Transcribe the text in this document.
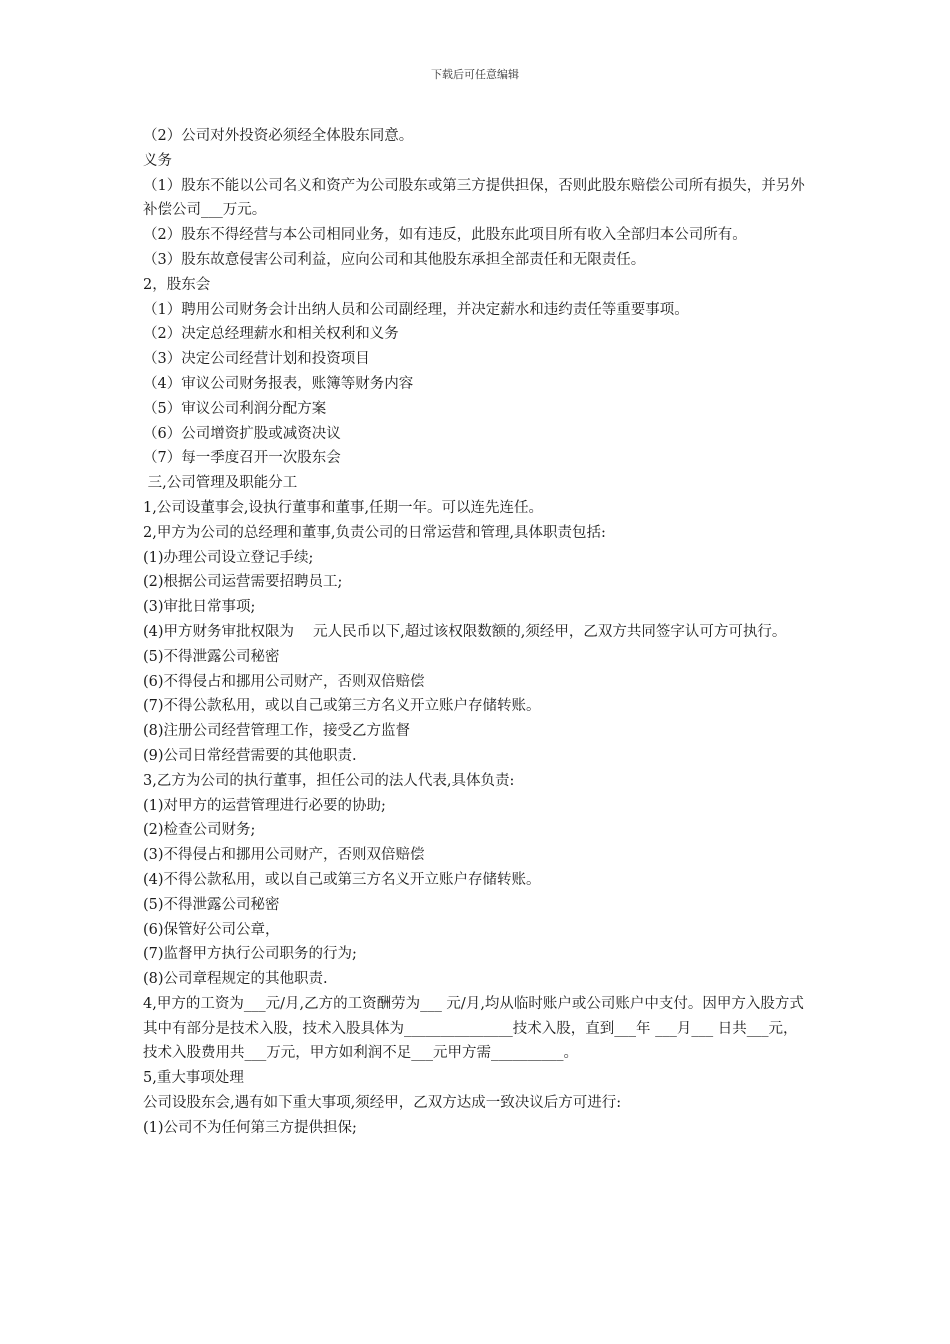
下载后可任意编辑
（2）公司对外投资必须经全体股东同意。
义务
（1）股东不能以公司名义和资产为公司股东或第三方提供担保，否则此股东赔偿公司所有损失，并另外补偿公司___万元。
（2）股东不得经营与本公司相同业务，如有违反，此股东此项目所有收入全部归本公司所有。
（3）股东故意侵害公司利益，应向公司和其他股东承担全部责任和无限责任。
2，股东会
（1）聘用公司财务会计出纳人员和公司副经理，并决定薪水和违约责任等重要事项。
（2）决定总经理薪水和相关权利和义务
（3）决定公司经营计划和投资项目
（4）审议公司财务报表，账簿等财务内容
（5）审议公司利润分配方案
（6）公司增资扩股或减资决议
（7）每一季度召开一次股东会
三,公司管理及职能分工
1,公司设董事会,设执行董事和董事,任期一年。可以连先连任。
2,甲方为公司的总经理和董事,负责公司的日常运营和管理,具体职责包括:
(1)办理公司设立登记手续;
(2)根据公司运营需要招聘员工;
(3)审批日常事项;
(4)甲方财务审批权限为　 元人民币以下,超过该权限数额的,须经甲，乙双方共同签字认可方可执行。
(5)不得泄露公司秘密
(6)不得侵占和挪用公司财产，否则双倍赔偿
(7)不得公款私用，或以自己或第三方名义开立账户存储转账。
(8)注册公司经营管理工作，接受乙方监督
(9)公司日常经营需要的其他职责.
3,乙方为公司的执行董事，担任公司的法人代表,具体负责:
(1)对甲方的运营管理进行必要的协助;
(2)检查公司财务;
(3)不得侵占和挪用公司财产，否则双倍赔偿
(4)不得公款私用，或以自己或第三方名义开立账户存储转账。
(5)不得泄露公司秘密
(6)保管好公司公章，
(7)监督甲方执行公司职务的行为;
(8)公司章程规定的其他职责.
4,甲方的工资为___元/月,乙方的工资酬劳为___ 元/月,均从临时账户或公司账户中支付。因甲方入股方式其中有部分是技术入股，技术入股具体为_______________技术入股，直到___年 ___月___ 日共___元，技术入股费用共___万元，甲方如利润不足___元甲方需__________。
5,重大事项处理
公司设股东会,遇有如下重大事项,须经甲，乙双方达成一致决议后方可进行:
(1)公司不为任何第三方提供担保;
